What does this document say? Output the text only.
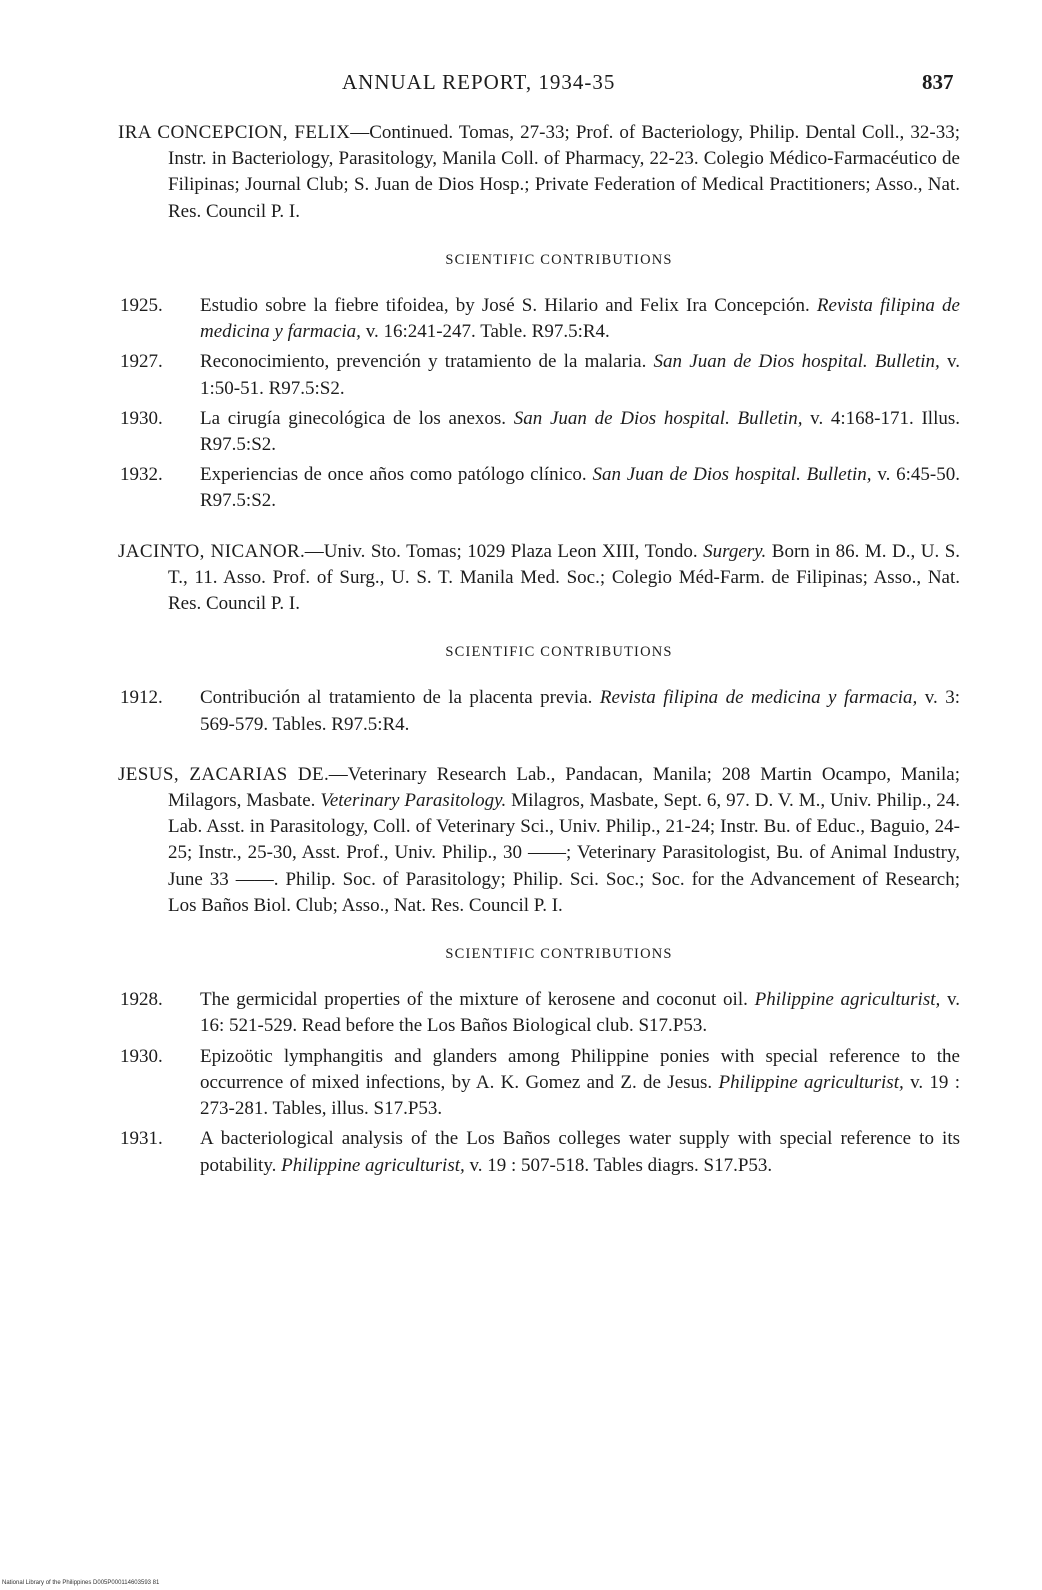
ANNUAL REPORT, 1934-35	837
IRA CONCEPCION, FELIX—Continued. Tomas, 27-33; Prof. of Bacteriology, Philip. Dental Coll., 32-33; Instr. in Bacteriology, Parasitology, Manila Coll. of Pharmacy, 22-23. Colegio Médico-Farmacéutico de Filipinas; Journal Club; S. Juan de Dios Hosp.; Private Federation of Medical Practitioners; Asso., Nat. Res. Council P. I.
SCIENTIFIC CONTRIBUTIONS
1925.	Estudio sobre la fiebre tifoidea, by José S. Hilario and Felix Ira Concepción. Revista filipina de medicina y farmacia, v. 16:241-247. Table. R97.5:R4.
1927.	Reconocimiento, prevención y tratamiento de la malaria. San Juan de Dios hospital. Bulletin, v. 1:50-51. R97.5:S2.
1930.	La cirugía ginecológica de los anexos. San Juan de Dios hospital. Bulletin, v. 4:168-171. Illus. R97.5:S2.
1932.	Experiencias de once años como patólogo clínico. San Juan de Dios hospital. Bulletin, v. 6:45-50. R97.5:S2.
JACINTO, NICANOR.—Univ. Sto. Tomas; 1029 Plaza Leon XIII, Tondo. Surgery. Born in 86. M. D., U. S. T., 11. Asso. Prof. of Surg., U. S. T. Manila Med. Soc.; Colegio Méd-Farm. de Filipinas; Asso., Nat. Res. Council P. I.
SCIENTIFIC CONTRIBUTIONS
1912.	Contribución al tratamiento de la placenta previa. Revista filipina de medicina y farmacia, v. 3: 569-579. Tables. R97.5:R4.
JESUS, ZACARIAS DE.—Veterinary Research Lab., Pandacan, Manila; 208 Martin Ocampo, Manila; Milagors, Masbate. Veterinary Parasitology. Milagros, Masbate, Sept. 6, 97. D. V. M., Univ. Philip., 24. Lab. Asst. in Parasitology, Coll. of Veterinary Sci., Univ. Philip., 21-24; Instr. Bu. of Educ., Baguio, 24-25; Instr., 25-30, Asst. Prof., Univ. Philip., 30 ——; Veterinary Parasitologist, Bu. of Animal Industry, June 33 ——. Philip. Soc. of Parasitology; Philip. Sci. Soc.; Soc. for the Advancement of Research; Los Baños Biol. Club; Asso., Nat. Res. Council P. I.
SCIENTIFIC CONTRIBUTIONS
1928.	The germicidal properties of the mixture of kerosene and coconut oil. Philippine agriculturist, v. 16: 521-529. Read before the Los Baños Biological club. S17.P53.
1930.	Epizoötic lymphangitis and glanders among Philippine ponies with special reference to the occurrence of mixed infections, by A. K. Gomez and Z. de Jesus. Philippine agriculturist, v. 19 : 273-281. Tables, illus. S17.P53.
1931.	A bacteriological analysis of the Los Baños colleges water supply with special reference to its potability. Philippine agriculturist, v. 19 : 507-518. Tables diagrs. S17.P53.
National Library of the Philippines D005P000114603593 81
